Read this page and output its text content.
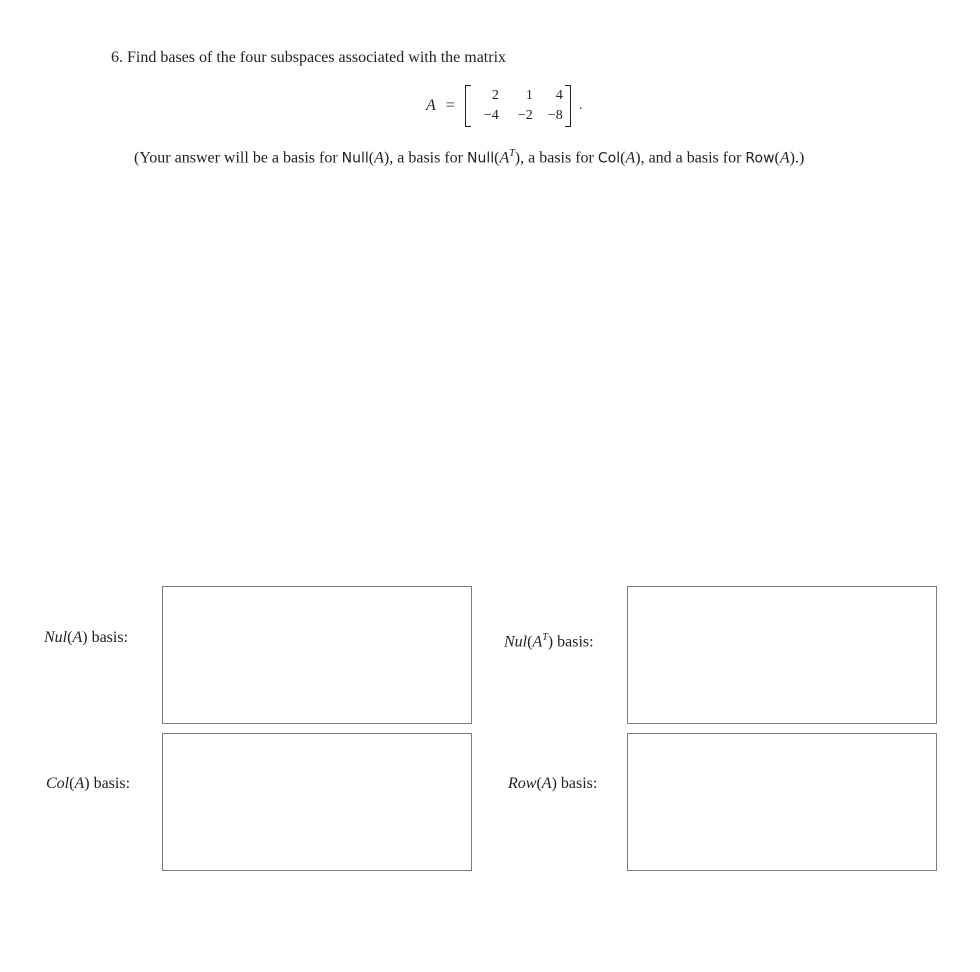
6. Find bases of the four subspaces associated with the matrix
A =
2	1	4
−4	−2	−8
.
(Your answer will be a basis for Null(A), a basis for $Null(A^T)$, a basis for Col(A), and a basis for Row(A).)
Nul(A) basis:	$Nul(A^T)$ basis:
Col(A) basis:	Row(A) basis:
